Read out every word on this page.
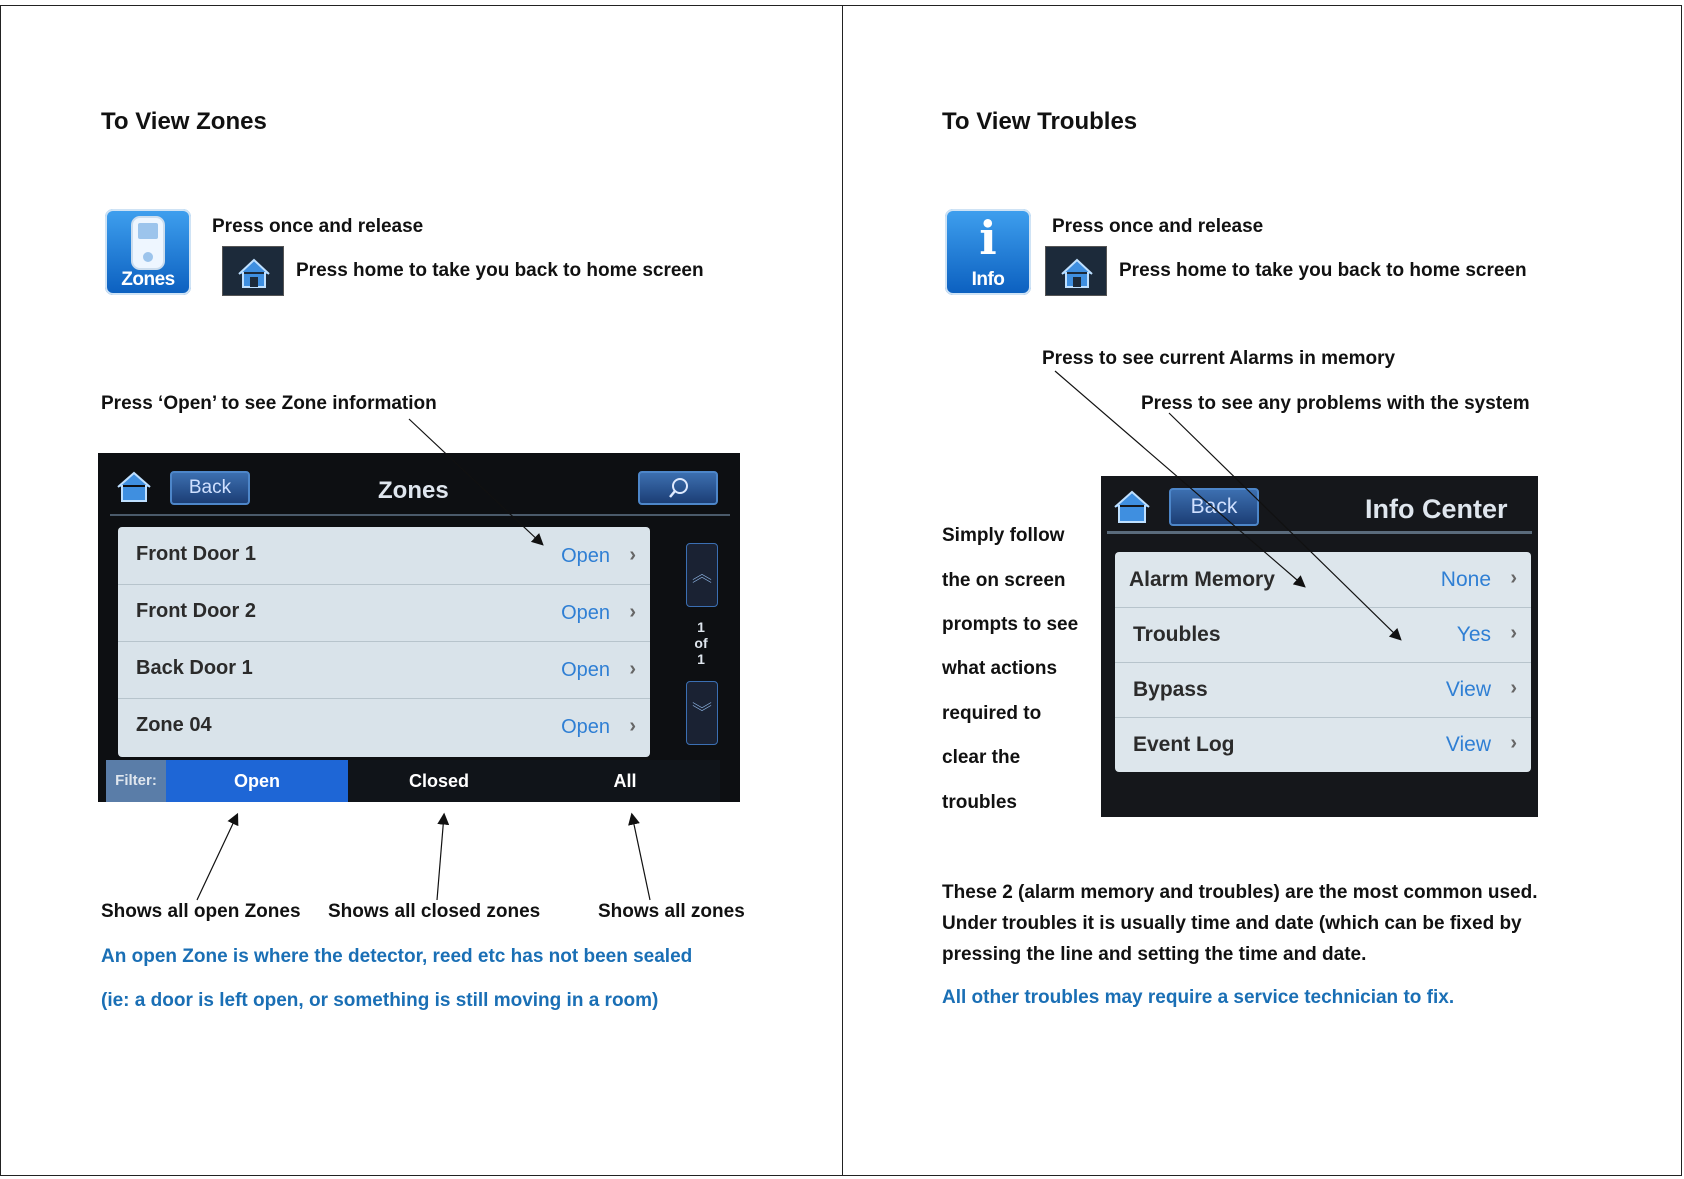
To View Zones
Zones
Press once and release
Press home to take you back to home screen
Press ‘Open’ to see Zone information
Back	Zones
Front Door 1	Open ›
Front Door 2	Open ›
Back Door 1	Open ›
Zone 04	Open ›
︽
1
of
1
︾
Filter:	Open	Closed	All
Shows all open Zones Shows all closed zones	Shows all zones
An open Zone is where the detector, reed etc has not been sealed
(ie: a door is left open, or something is still moving in a room)
To View Troubles
i
Info
Press once and release
Press home to take you back to home screen
Press to see current Alarms in memory
Press to see any problems with the system
Simply follow
the on screen
prompts to see
what actions
required to
clear the
troubles
Back	Info Center
Alarm Memory	None ›
Troubles	Yes ›
Bypass	View ›
Event Log	View ›
These 2 (alarm memory and troubles) are the most common used.
Under troubles it is usually time and date (which can be fixed by
pressing the line and setting the time and date.
All other troubles may require a service technician to fix.
